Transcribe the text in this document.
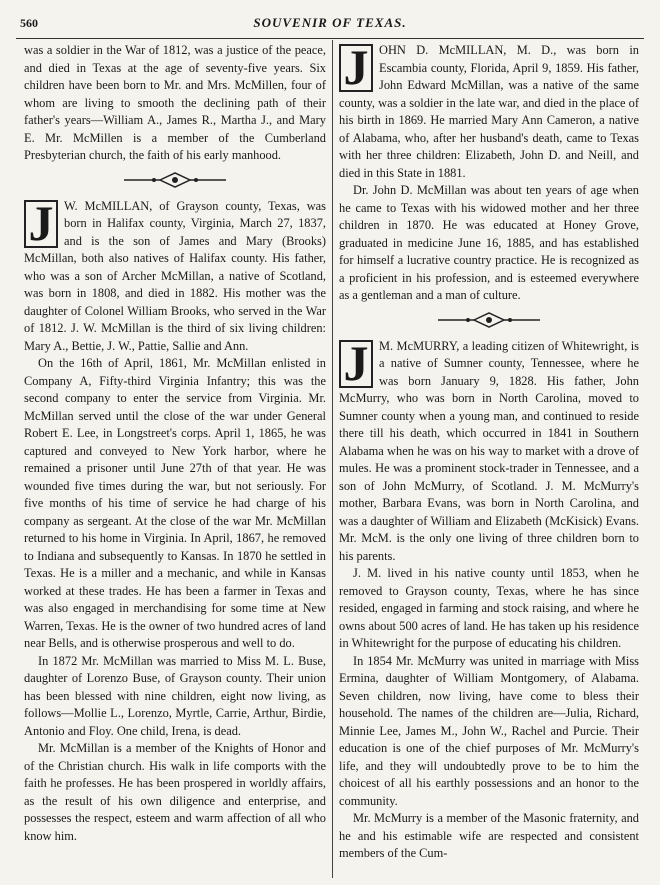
560	SOUVENIR OF TEXAS.

was a soldier in the War of 1812, was a justice of the peace, and died in Texas at the age of seventy-five years. Six children have been born to Mr. and Mrs. McMillen, four of whom are living to smooth the declining path of their father's years—William A., James R., Martha J., and Mary E. Mr. McMillen is a member of the Cumberland Presbyterian church, the faith of his early manhood.

J W. McMILLAN, of Grayson county, Texas, was born in Halifax county, Virginia, March 27, 1837, and is the son of James and Mary (Brooks) McMillan, both also natives of Halifax county. His father, who was a son of Archer McMillan, a native of Scotland, was born in 1808, and died in 1882. His mother was the daughter of Colonel William Brooks, who served in the War of 1812. J. W. McMillan is the third of six living children: Mary A., Bettie, J. W., Pattie, Sallie and Ann.

On the 16th of April, 1861, Mr. McMillan enlisted in Company A, Fifty-third Virginia Infantry; this was the second company to enter the service from Virginia. Mr. McMillan served until the close of the war under General Robert E. Lee, in Longstreet's corps. April 1, 1865, he was captured and conveyed to New York harbor, where he remained a prisoner until June 27th of that year. He was wounded five times during the war, but not seriously. For five months of his time of service he had charge of his company as sergeant. At the close of the war Mr. McMillan returned to his home in Virginia. In April, 1867, he removed to Indiana and subsequently to Kansas. In 1870 he settled in Texas. He is a miller and a mechanic, and while in Kansas worked at these trades. He has been a farmer in Texas and was also engaged in merchandising for some time at New Warren, Texas. He is the owner of two hundred acres of land near Bells, and is otherwise prosperous and well to do.

In 1872 Mr. McMillan was married to Miss M. L. Buse, daughter of Lorenzo Buse, of Grayson county. Their union has been blessed with nine children, eight now living, as follows—Mollie L., Lorenzo, Myrtle, Carrie, Arthur, Birdie, Antonio and Floy. One child, Irena, is dead.

Mr. McMillan is a member of the Knights of Honor and of the Christian church. His walk in life comports with the faith he professes. He has been prospered in worldly affairs, as the result of his own diligence and enterprise, and possesses the respect, esteem and warm affection of all who know him.

J OHN D. McMILLAN, M. D., was born in Escambia county, Florida, April 9, 1859. His father, John Edward McMillan, was a native of the same county, was a soldier in the late war, and died in the place of his birth in 1869. He married Mary Ann Cameron, a native of Alabama, who, after her husband's death, came to Texas with her three children: Elizabeth, John D. and Neill, and died in this State in 1881.

Dr. John D. McMillan was about ten years of age when he came to Texas with his widowed mother and her three children in 1870. He was educated at Honey Grove, graduated in medicine June 16, 1885, and has established for himself a lucrative country practice. He is recognized as a proficient in his profession, and is esteemed everywhere as a gentleman and a man of culture.

J M. McMURRY, a leading citizen of Whitewright, is a native of Sumner county, Tennessee, where he was born January 9, 1828. His father, John McMurry, who was born in North Carolina, moved to Sumner county when a young man, and continued to reside there till his death, which occurred in 1841 in Southern Alabama when he was on his way to market with a drove of mules. He was a prominent stock-trader in Tennessee, and a son of John McMurry, of Scotland. J. M. McMurry's mother, Barbara Evans, was born in North Carolina, and was a daughter of William and Elizabeth (McKisick) Evans. Mr. McM. is the only one living of three children born to his parents.

J. M. lived in his native county until 1853, when he removed to Grayson county, Texas, where he has since resided, engaged in farming and stock raising, and where he owns about 500 acres of land. He has taken up his residence in Whitewright for the purpose of educating his children.

In 1854 Mr. McMurry was united in marriage with Miss Ermina, daughter of William Montgomery, of Alabama. Seven children, now living, have come to bless their household. The names of the children are—Julia, Richard, Minnie Lee, James M., John W., Rachel and Purcie. Their education is one of the chief purposes of Mr. McMurry's life, and they will undoubtedly prove to be to him the choicest of all his earthly possessions and an honor to the community.

Mr. McMurry is a member of the Masonic fraternity, and he and his estimable wife are respected and consistent members of the Cum-
